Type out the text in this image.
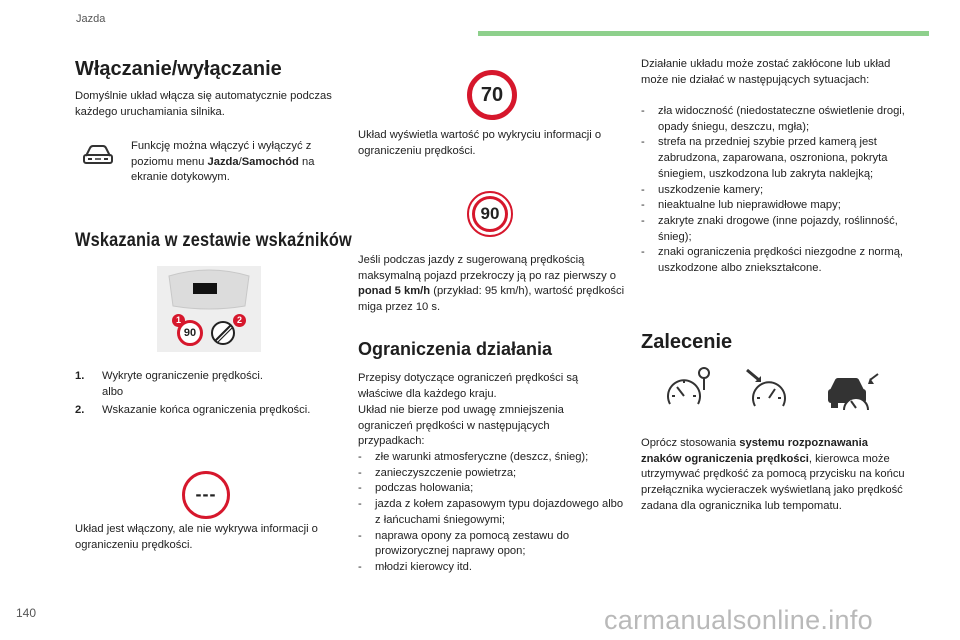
Jazda
Włączanie/wyłączanie

Domyślnie układ włącza się automatycznie podczas każdego uruchamiania silnika.

Funkcję można włączyć i wyłączyć z poziomu menu Jazda/Samochód na ekranie dotykowym.

Wskazania w zestawie wskaźników
90
1	2
1.	Wykryte ograniczenie prędkości.
albo
2.	Wskazanie końca ograniczenia prędkości.
---

Układ jest włączony, ale nie wykrywa informacji o ograniczeniu prędkości.

70

Układ wyświetla wartość po wykryciu informacji o ograniczeniu prędkości.

90

Jeśli podczas jazdy z sugerowaną prędkością maksymalną pojazd przekroczy ją po raz pierwszy o ponad 5 km/h (przykład: 95 km/h), wartość prędkości miga przez 10 s.

Ograniczenia działania

Przepisy dotyczące ograniczeń prędkości są właściwe dla każdego kraju.

Układ nie bierze pod uwagę zmniejszenia ograniczeń prędkości w następujących przypadkach:

- złe warunki atmosferyczne (deszcz, śnieg);
- zanieczyszczenie powietrza;
- podczas holowania;
- jazda z kołem zapasowym typu dojazdowego albo z łańcuchami śniegowymi;
- naprawa opony za pomocą zestawu do prowizorycznej naprawy opon;
- młodzi kierowcy itd.

Działanie układu może zostać zakłócone lub układ może nie działać w następujących sytuacjach:

- zła widoczność (niedostateczne oświetlenie drogi, opady śniegu, deszczu, mgła);
- strefa na przedniej szybie przed kamerą jest zabrudzona, zaparowana, oszroniona, pokryta śniegiem, uszkodzona lub zakryta naklejką;
- uszkodzenie kamery;
- nieaktualne lub nieprawidłowe mapy;
- zakryte znaki drogowe (inne pojazdy, roślinność, śnieg);
- znaki ograniczenia prędkości niezgodne z normą, uszkodzone albo zniekształcone.
Zalecenie

Oprócz stosowania systemu rozpoznawania znaków ograniczenia prędkości, kierowca może utrzymywać prędkość za pomocą przycisku na końcu przełącznika wycieraczek wyświetlaną jako prędkość zadana dla ogranicznika lub tempomatu.

140	carmanualsonline.info
